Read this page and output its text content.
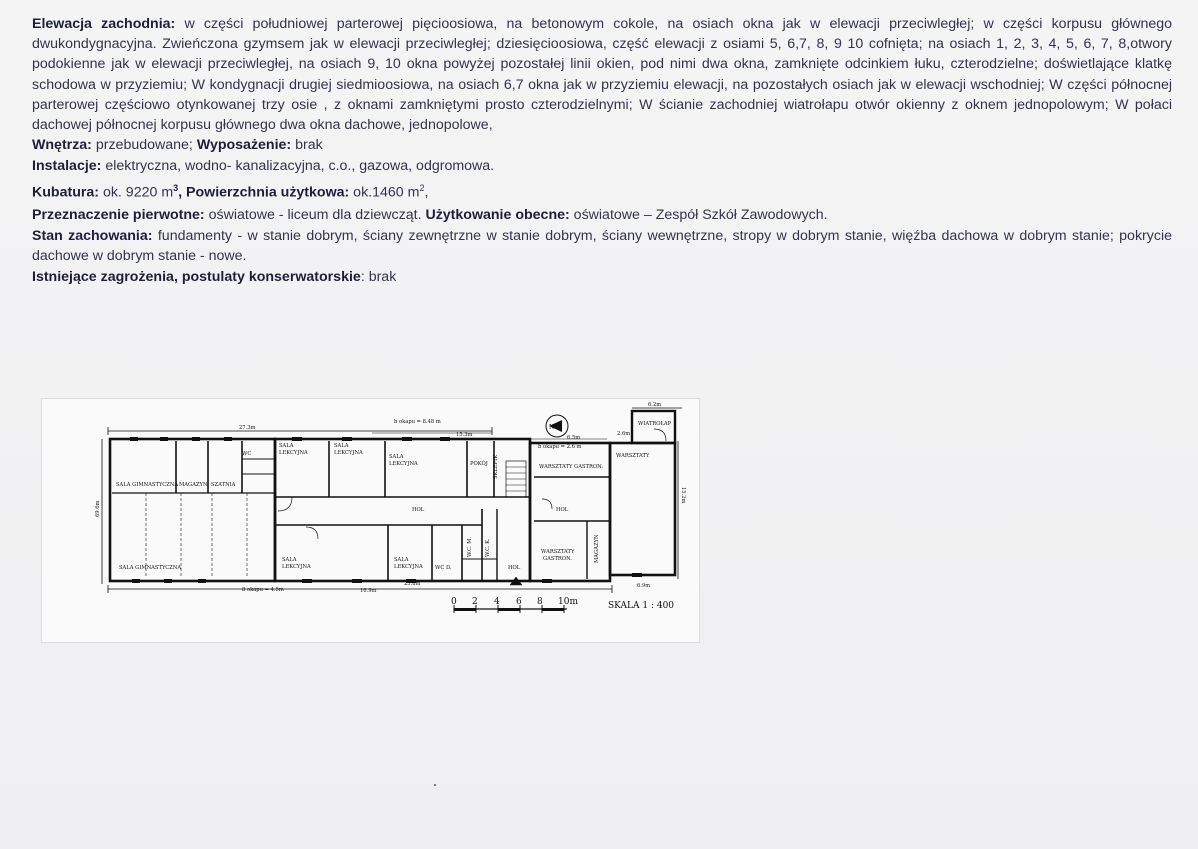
Elewacja zachodnia: w części południowej parterowej pięcioosiowa, na betonowym cokole, na osiach okna jak w elewacji przeciwległej; w części korpusu głównego dwukondygnacyjna. Zwieńczona gzymsem jak w elewacji przeciwległej; dziesięcioosiowa, część elewacji z osiami 5, 6,7, 8, 9 10 cofnięta; na osiach 1, 2, 3, 4, 5, 6, 7, 8,otwory podokienne jak w elewacji przeciwległej, na osiach 9, 10 okna powyżej pozostałej linii okien, pod nimi dwa okna, zamknięte odcinkiem łuku, czterodzielne; doświetlające klatkę schodowa w przyziemiu; W kondygnacji drugiej siedmioosiowa, na osiach 6,7 okna jak w przyziemiu elewacji, na pozostałych osiach jak w elewacji wschodniej; W części północnej parterowej częściowo otynkowanej trzy osie , z oknami zamkniętymi prosto czterodzielnymi; W ścianie zachodniej wiatrołapu otwór okienny z oknem jednopolowym; W połaci dachowej północnej korpusu głównego dwa okna dachowe, jednopolowe,

Wnętrza: przebudowane; Wyposażenie: brak

Instalacje: elektryczna, wodno- kanalizacyjna, c.o., gazowa, odgromowa.

Kubatura: ok. 9220 $m^3$, Powierzchnia użytkowa: ok.1460 $m^2$,

Przeznaczenie pierwotne: oświatowe - liceum dla dziewcząt. Użytkowanie obecne: oświatowe – Zespół Szkół Zawodowych.

Stan zachowania: fundamenty - w stanie dobrym, ściany zewnętrzne w stanie dobrym, ściany wewnętrzne, stropy w dobrym stanie, więźba dachowa w dobrym stanie; pokrycie dachowe w dobrym stanie - nowe.

Istniejące zagrożenia, postulaty konserwatorskie: brak

N
SALA GIMNASTYCZNA MAGAZYN SZATNIA
WC
SALA GIMNASTYCZNA
SALA
LEKCYJNA
SALA
LEKCYJNA
SALA
LEKCYJNA
SALA
LEKCYJNA
SALA
LEKCYJNA
POKÓJ SKLEPIK
HOL
HOL
HOL
WC D.
W.C. K.
W.C. M.
WARSZTATY GASTRON.
WARSZTATY
GASTRON.	MAGAZYN
WARSZTATY
WIATROŁAP
27.3m
b okapu = 8.48 m
15.3m
b okapu = 2.6 m
6.2m
2.6m
6.5m
8 okapu = 4.5m	16.9m
25.8m	6.9m
69.6m
15.2m
0 2 4 6 8 10m	SKALA 1 : 400
